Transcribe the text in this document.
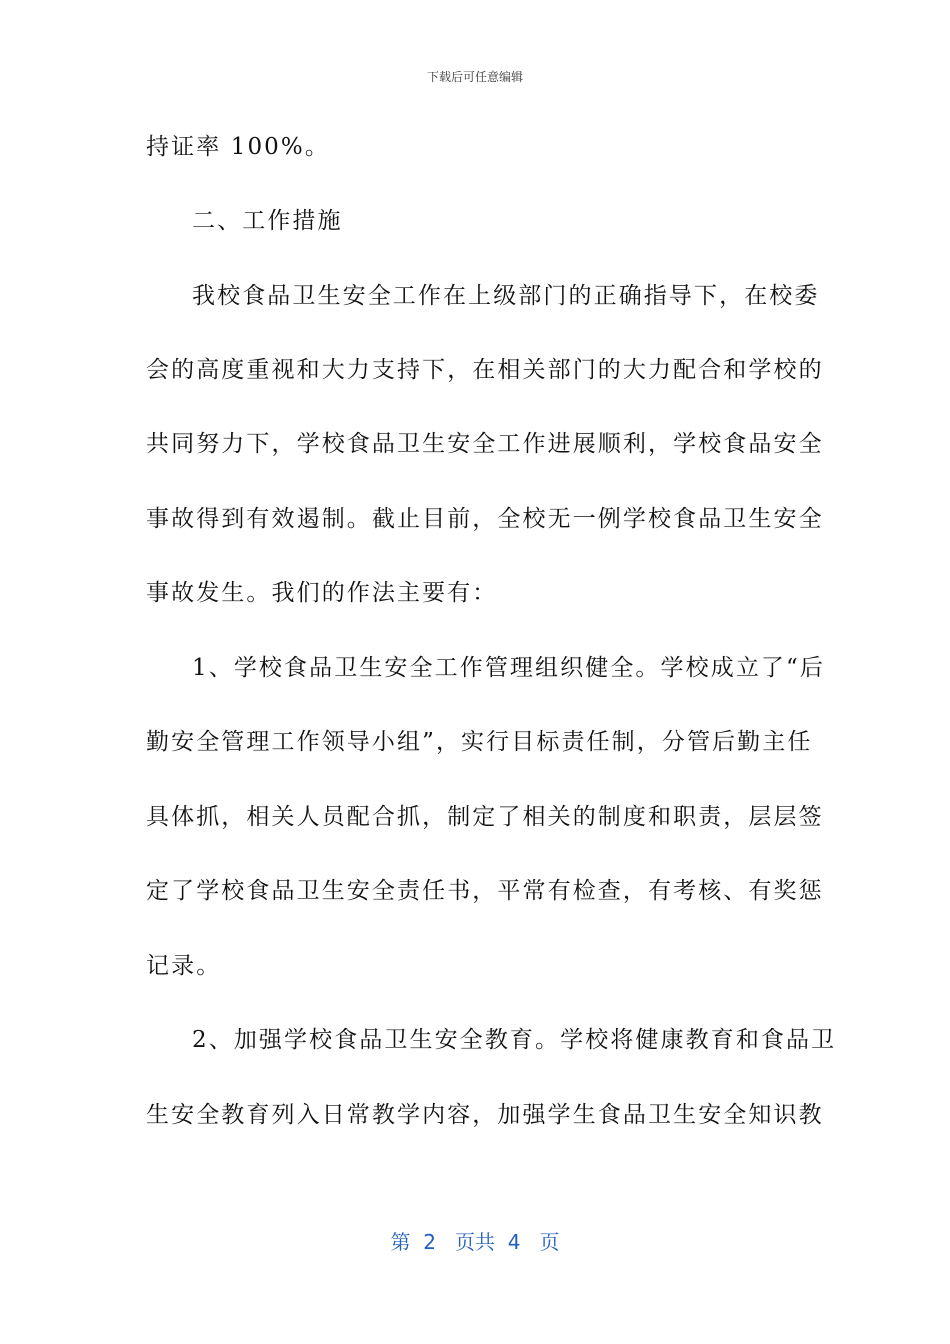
下载后可任意编辑
持证率 100%。
二、工作措施
我校食品卫生安全工作在上级部门的正确指导下，在校委
会的高度重视和大力支持下，在相关部门的大力配合和学校的
共同努力下，学校食品卫生安全工作进展顺利，学校食品安全
事故得到有效遏制。截止目前，全校无一例学校食品卫生安全
事故发生。我们的作法主要有：
1、学校食品卫生安全工作管理组织健全。学校成立了“后
勤安全管理工作领导小组”，实行目标责任制，分管后勤主任
具体抓，相关人员配合抓，制定了相关的制度和职责，层层签
定了学校食品卫生安全责任书，平常有检查，有考核、有奖惩
记录。
2、加强学校食品卫生安全教育。学校将健康教育和食品卫
生安全教育列入日常教学内容，加强学生食品卫生安全知识教
第  2   页共  4   页
